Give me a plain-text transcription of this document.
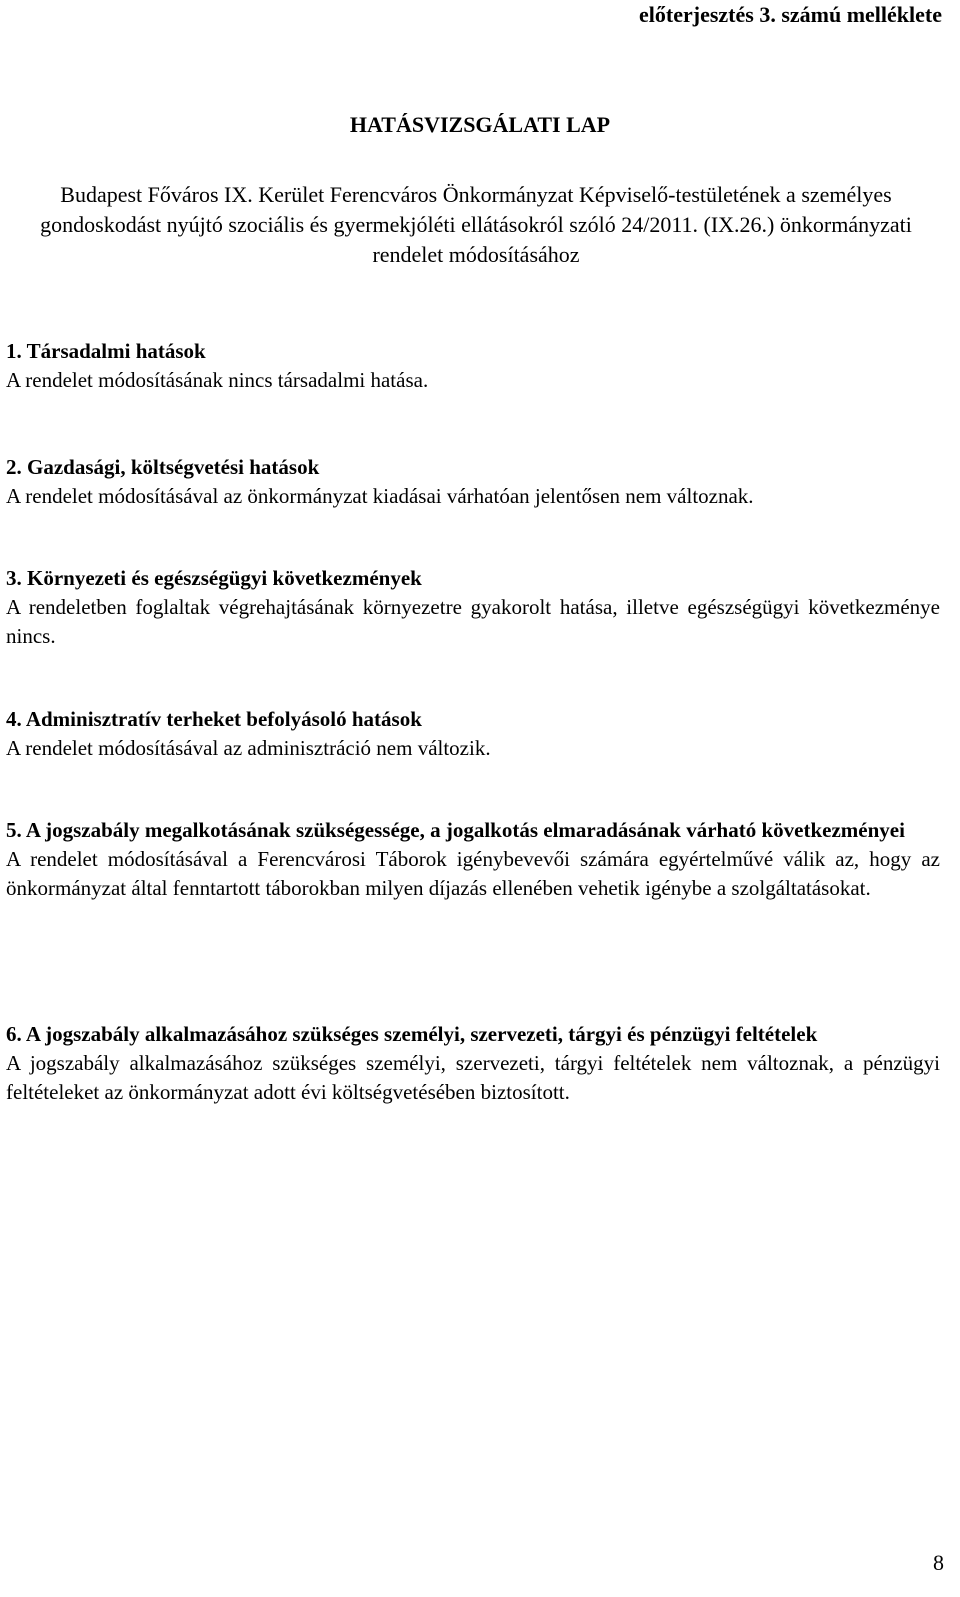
előterjesztés 3. számú melléklete
HATÁSVIZSGÁLATI LAP
Budapest Főváros IX. Kerület Ferencváros Önkormányzat Képviselő-testületének a személyes gondoskodást nyújtó szociális és gyermekjóléti ellátásokról szóló 24/2011. (IX.26.) önkormányzati rendelet módosításához

1. Társadalmi hatások

A rendelet módosításának nincs társadalmi hatása.

2. Gazdasági, költségvetési hatások

A rendelet módosításával az önkormányzat kiadásai várhatóan jelentősen nem változnak.

3. Környezeti és egészségügyi következmények

A rendeletben foglaltak végrehajtásának környezetre gyakorolt hatása, illetve egészségügyi következménye nincs.

4. Adminisztratív terheket befolyásoló hatások

A rendelet módosításával az adminisztráció nem változik.

5. A jogszabály megalkotásának szükségessége, a jogalkotás elmaradásának várható következményei

A rendelet módosításával a Ferencvárosi Táborok igénybevevői számára egyértelművé válik az, hogy az önkormányzat által fenntartott táborokban milyen díjazás ellenében vehetik igénybe a szolgáltatásokat.

6. A jogszabály alkalmazásához szükséges személyi, szervezeti, tárgyi és pénzügyi feltételek

A jogszabály alkalmazásához szükséges személyi, szervezeti, tárgyi feltételek nem változnak, a pénzügyi feltételeket az önkormányzat adott évi költségvetésében biztosított.

8
